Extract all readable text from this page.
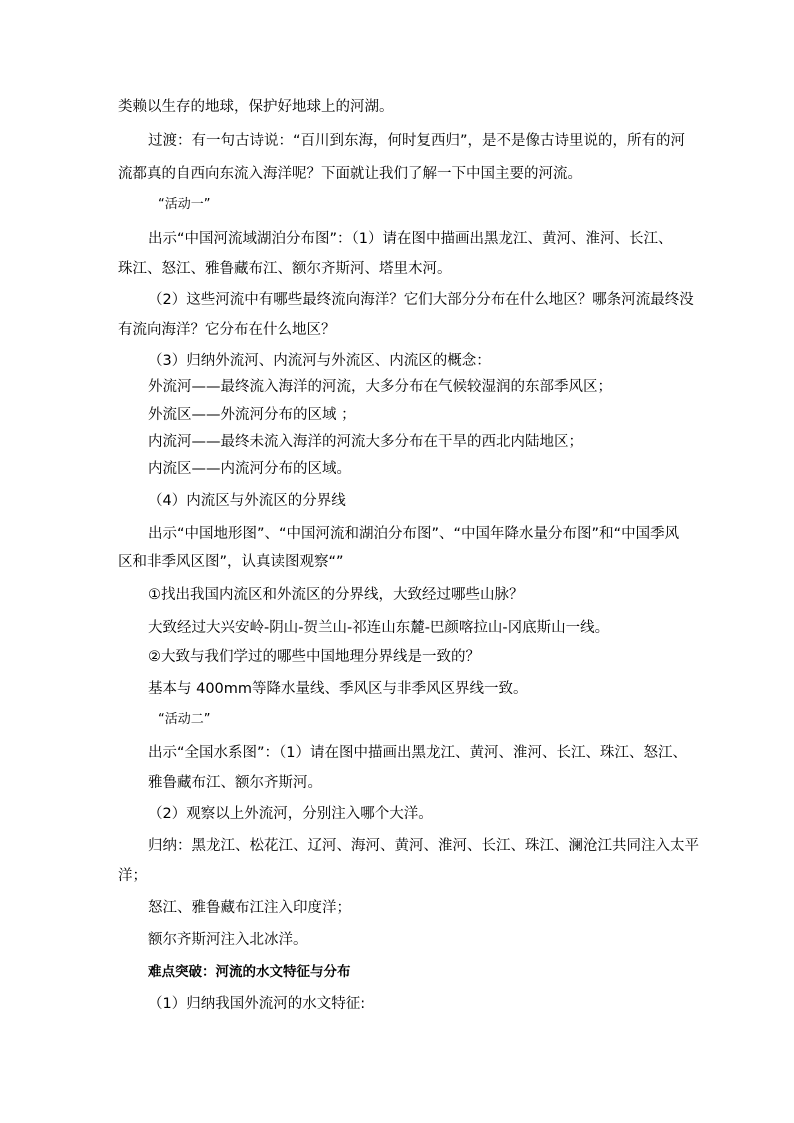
类赖以生存的地球，保护好地球上的河湖。
过渡：有一句古诗说：“百川到东海，何时复西归”，是不是像古诗里说的，所有的河
流都真的自西向东流入海洋呢？下面就让我们了解一下中国主要的河流。
“活动一”
出示“中国河流域湖泊分布图”：（1）请在图中描画出黑龙江、黄河、淮河、长江、
珠江、怒江、雅鲁藏布江、额尔齐斯河、塔里木河。
（2）这些河流中有哪些最终流向海洋？它们大部分分布在什么地区？哪条河流最终没
有流向海洋？它分布在什么地区？
（3）归纳外流河、内流河与外流区、内流区的概念：
外流河——最终流入海洋的河流，大多分布在气候较湿润的东部季风区；
外流区——外流河分布的区域 ；
内流河——最终未流入海洋的河流大多分布在干旱的西北内陆地区；
内流区——内流河分布的区域。
（4）内流区与外流区的分界线
出示“中国地形图”、“中国河流和湖泊分布图”、“中国年降水量分布图”和“中国季风
区和非季风区图”，认真读图观察“”
①找出我国内流区和外流区的分界线，大致经过哪些山脉？
大致经过大兴安岭-阴山-贺兰山-祁连山东麓-巴颜喀拉山-冈底斯山一线。
②大致与我们学过的哪些中国地理分界线是一致的？
基本与 400mm等降水量线、季风区与非季风区界线一致。
“活动二”
出示“全国水系图”：（1）请在图中描画出黑龙江、黄河、淮河、长江、珠江、怒江、
雅鲁藏布江、额尔齐斯河。
（2）观察以上外流河，分别注入哪个大洋。
归纳：黑龙江、松花江、辽河、海河、黄河、淮河、长江、珠江、澜沧江共同注入太平
洋；
怒江、雅鲁藏布江注入印度洋；
额尔齐斯河注入北冰洋。
难点突破：河流的水文特征与分布
（1）归纳我国外流河的水文特征:
